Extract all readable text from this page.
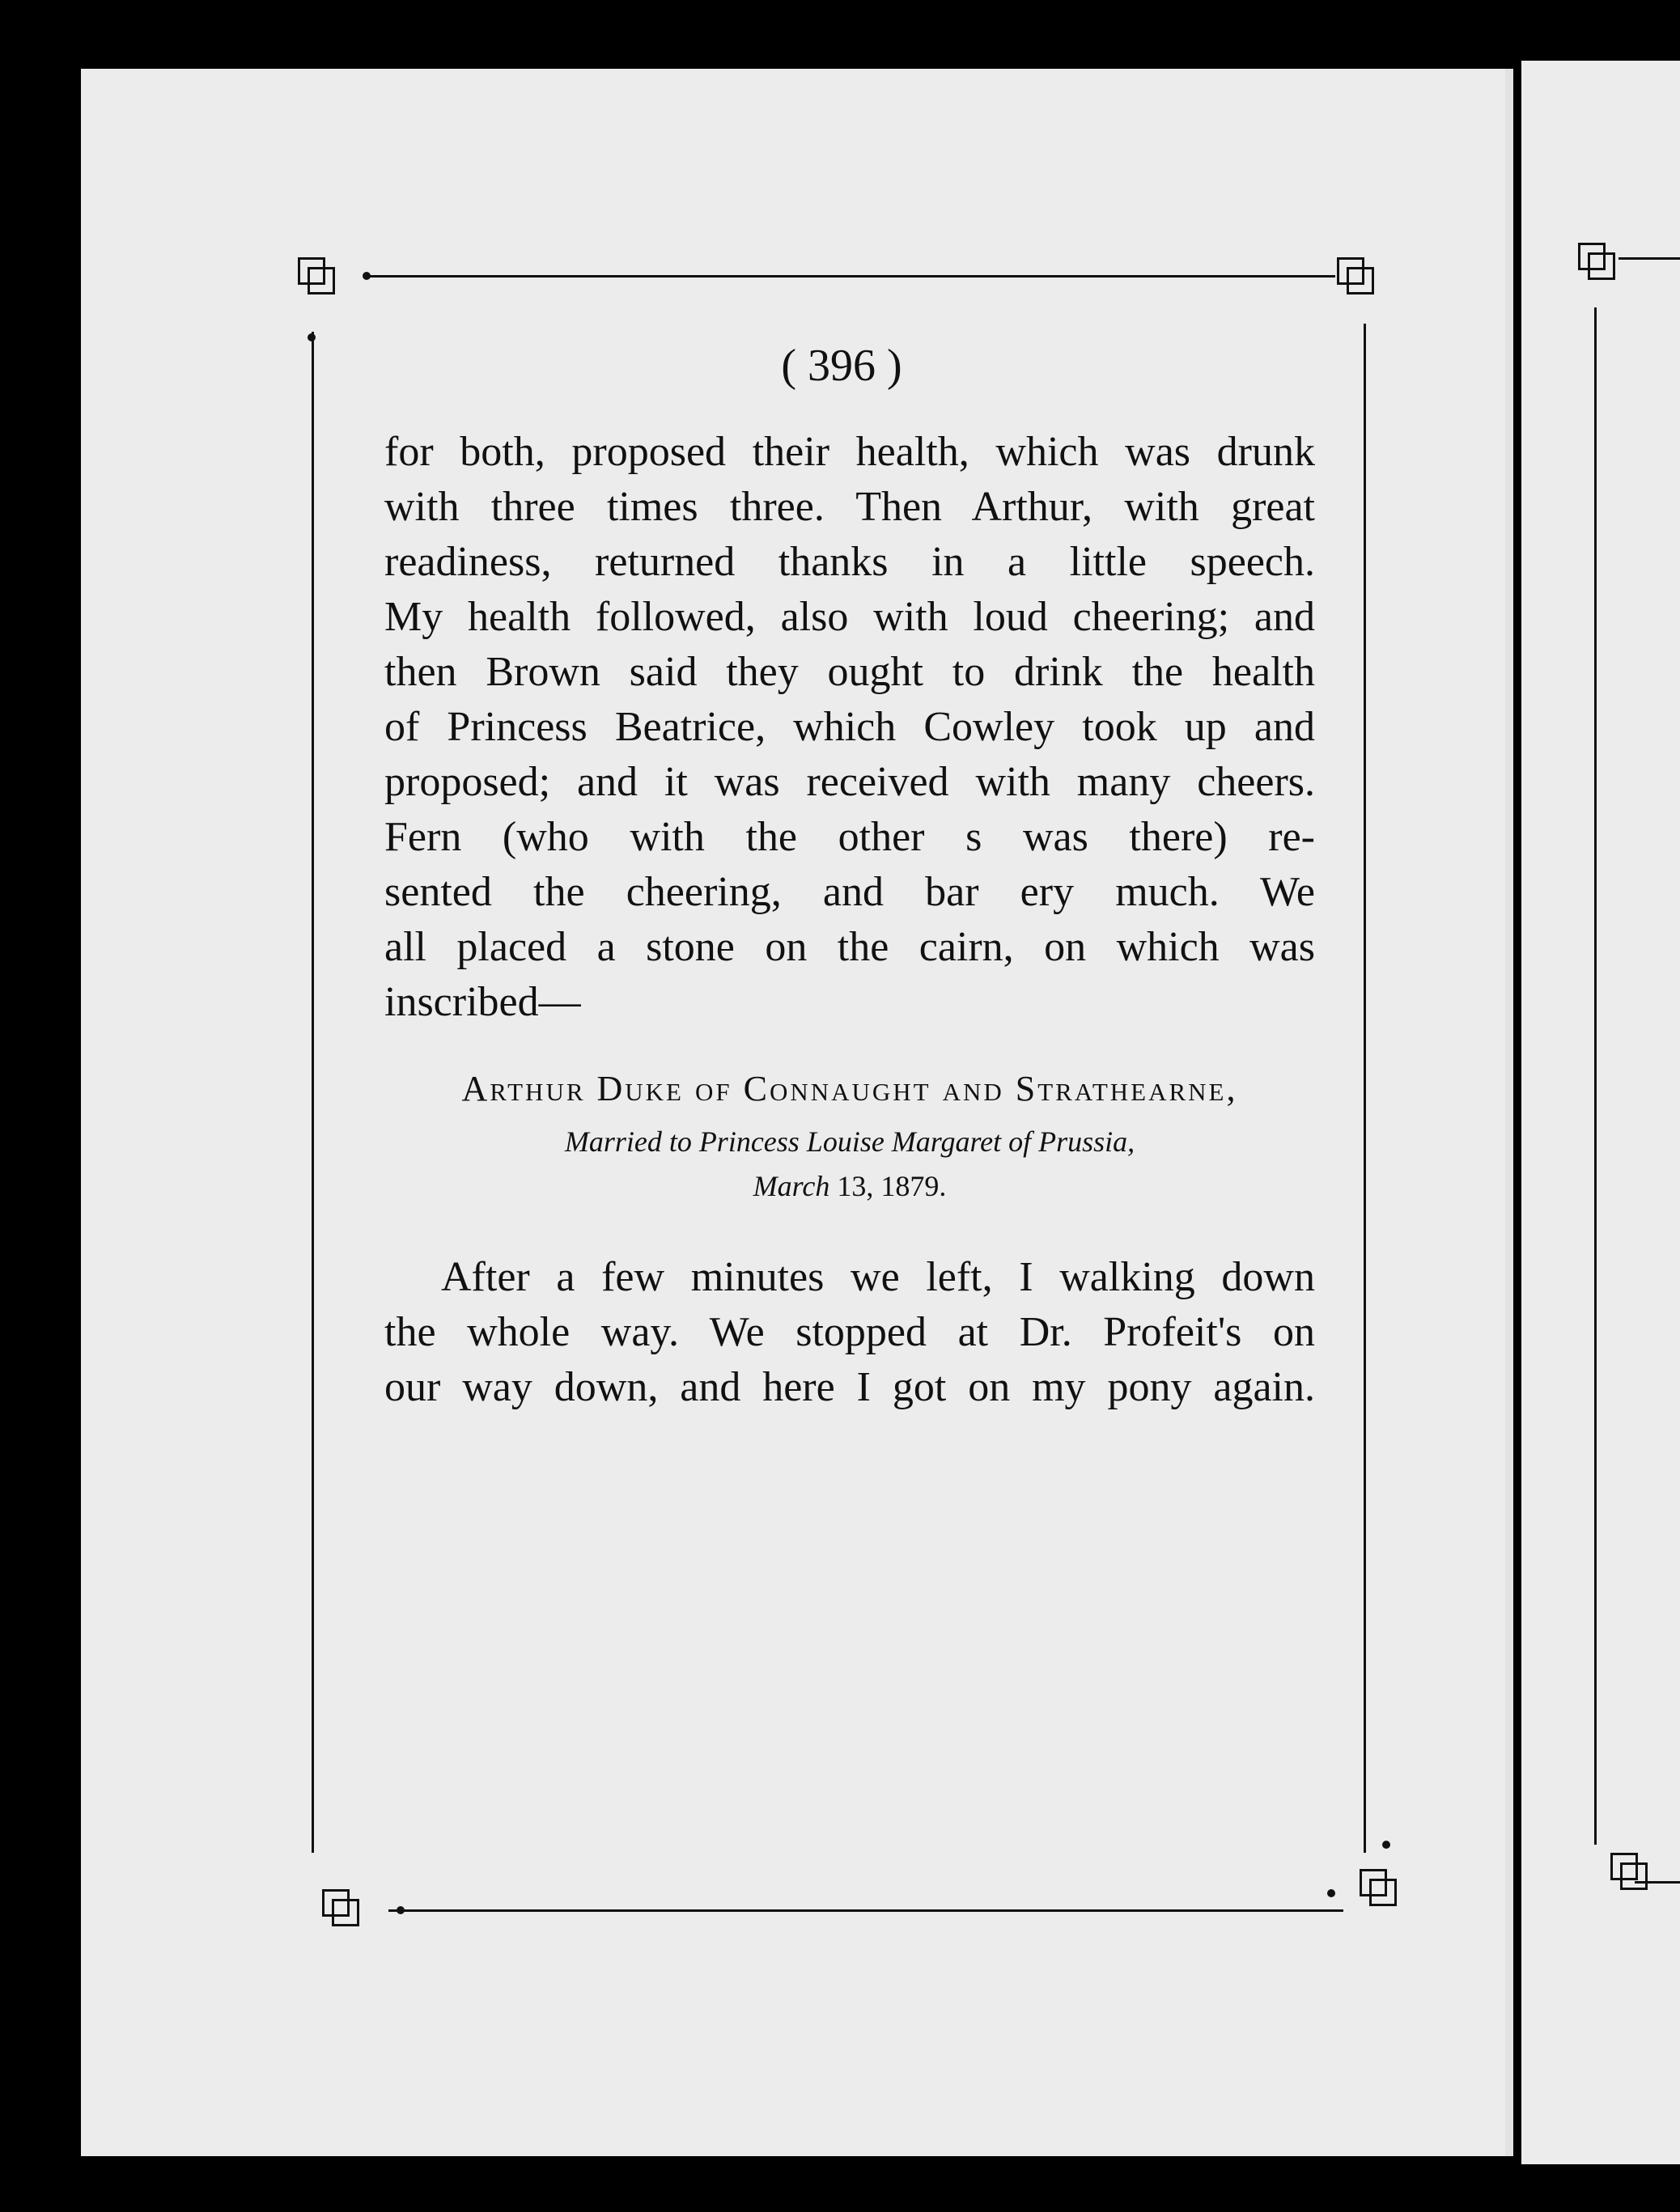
( 396 )
for both, proposed their health, which was drunk
with three times three. Then Arthur, with great
readiness, returned thanks in a little speech.
My health followed, also with loud cheering; and
then Brown said they ought to drink the health
of Princess Beatrice, which Cowley took up and
proposed; and it was received with many cheers.
Fern (who with the other s was there) re-
sented the cheering, and bar ery much. We
all placed a stone on the cairn, on which was
inscribed—
Arthur Duke of Connaught and Strathearne,
Married to Princess Louise Margaret of Prussia,
March 13, 1879.
After a few minutes we left, I walking down
the whole way. We stopped at Dr. Profeit's on
our way down, and here I got on my pony again.
